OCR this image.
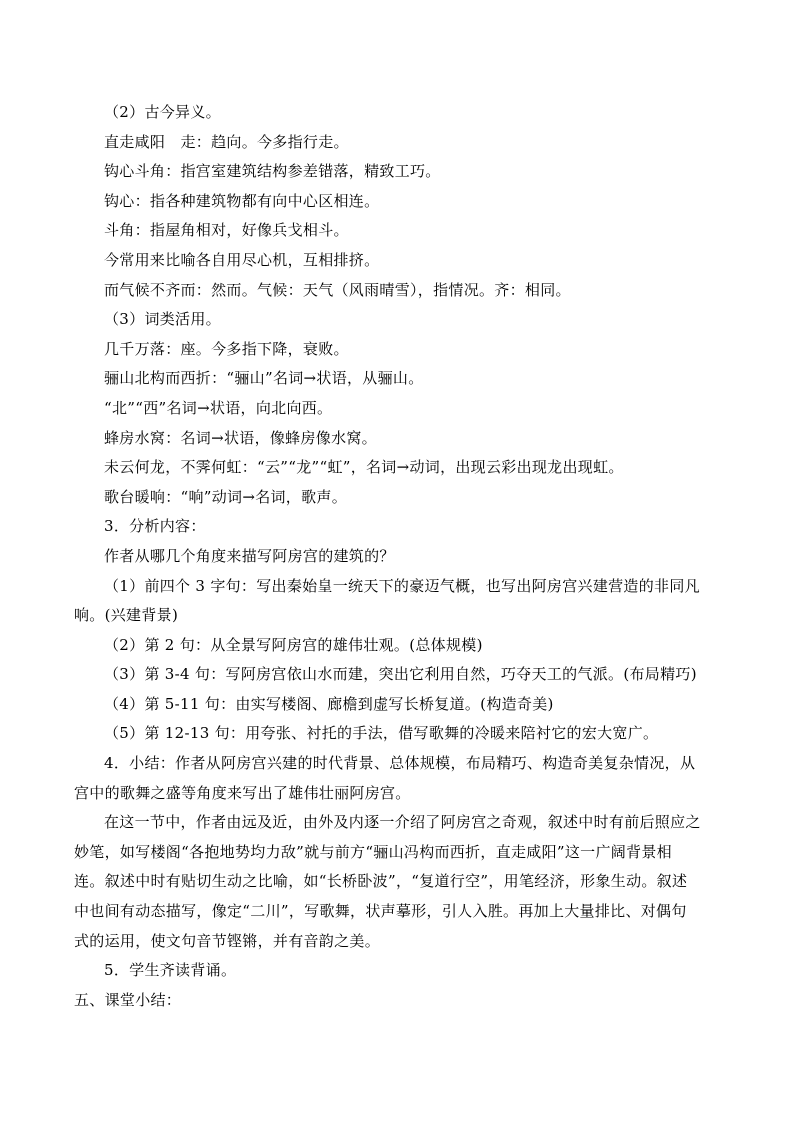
（2）古今异义。
直走咸阳　走：趋向。今多指行走。
钩心斗角：指宫室建筑结构参差错落，精致工巧。
钩心：指各种建筑物都有向中心区相连。
斗角：指屋角相对，好像兵戈相斗。
今常用来比喻各自用尽心机，互相排挤。
而气候不齐而：然而。气候：天气（风雨晴雪），指情况。齐：相同。
（3）词类活用。
几千万落：座。今多指下降，衰败。
骊山北构而西折：“骊山”名词→状语，从骊山。
“北”“西”名词→状语，向北向西。
蜂房水窝：名词→状语，像蜂房像水窝。
未云何龙，不霁何虹：“云”“龙”“虹”，名词→动词，出现云彩出现龙出现虹。
歌台暖响：“响”动词→名词，歌声。
3．分析内容：
作者从哪几个角度来描写阿房宫的建筑的？
（1）前四个 3 字句：写出秦始皇一统天下的豪迈气概，也写出阿房宫兴建营造的非同凡
响。(兴建背景)
（2）第 2 句：从全景写阿房宫的雄伟壮观。(总体规模)
（3）第 3-4 句：写阿房宫依山水而建，突出它利用自然，巧夺天工的气派。(布局精巧)
（4）第 5-11 句：由实写楼阁、廊檐到虚写长桥复道。(构造奇美)
（5）第 12-13 句：用夸张、衬托的手法，借写歌舞的冷暖来陪衬它的宏大宽广。
4．小结：作者从阿房宫兴建的时代背景、总体规模，布局精巧、构造奇美复杂情况，从
宫中的歌舞之盛等角度来写出了雄伟壮丽阿房宫。
在这一节中，作者由远及近，由外及内逐一介绍了阿房宫之奇观，叙述中时有前后照应之
妙笔，如写楼阁“各抱地势均力敌”就与前方“骊山冯构而西折，直走咸阳”这一广阔背景相
连。叙述中时有贴切生动之比喻，如“长桥卧波”，“复道行空”，用笔经济，形象生动。叙述
中也间有动态描写，像定“二川”，写歌舞，状声摹形，引人入胜。再加上大量排比、对偶句
式的运用，使文句音节铿锵，并有音韵之美。
5．学生齐读背诵。
五、课堂小结：
